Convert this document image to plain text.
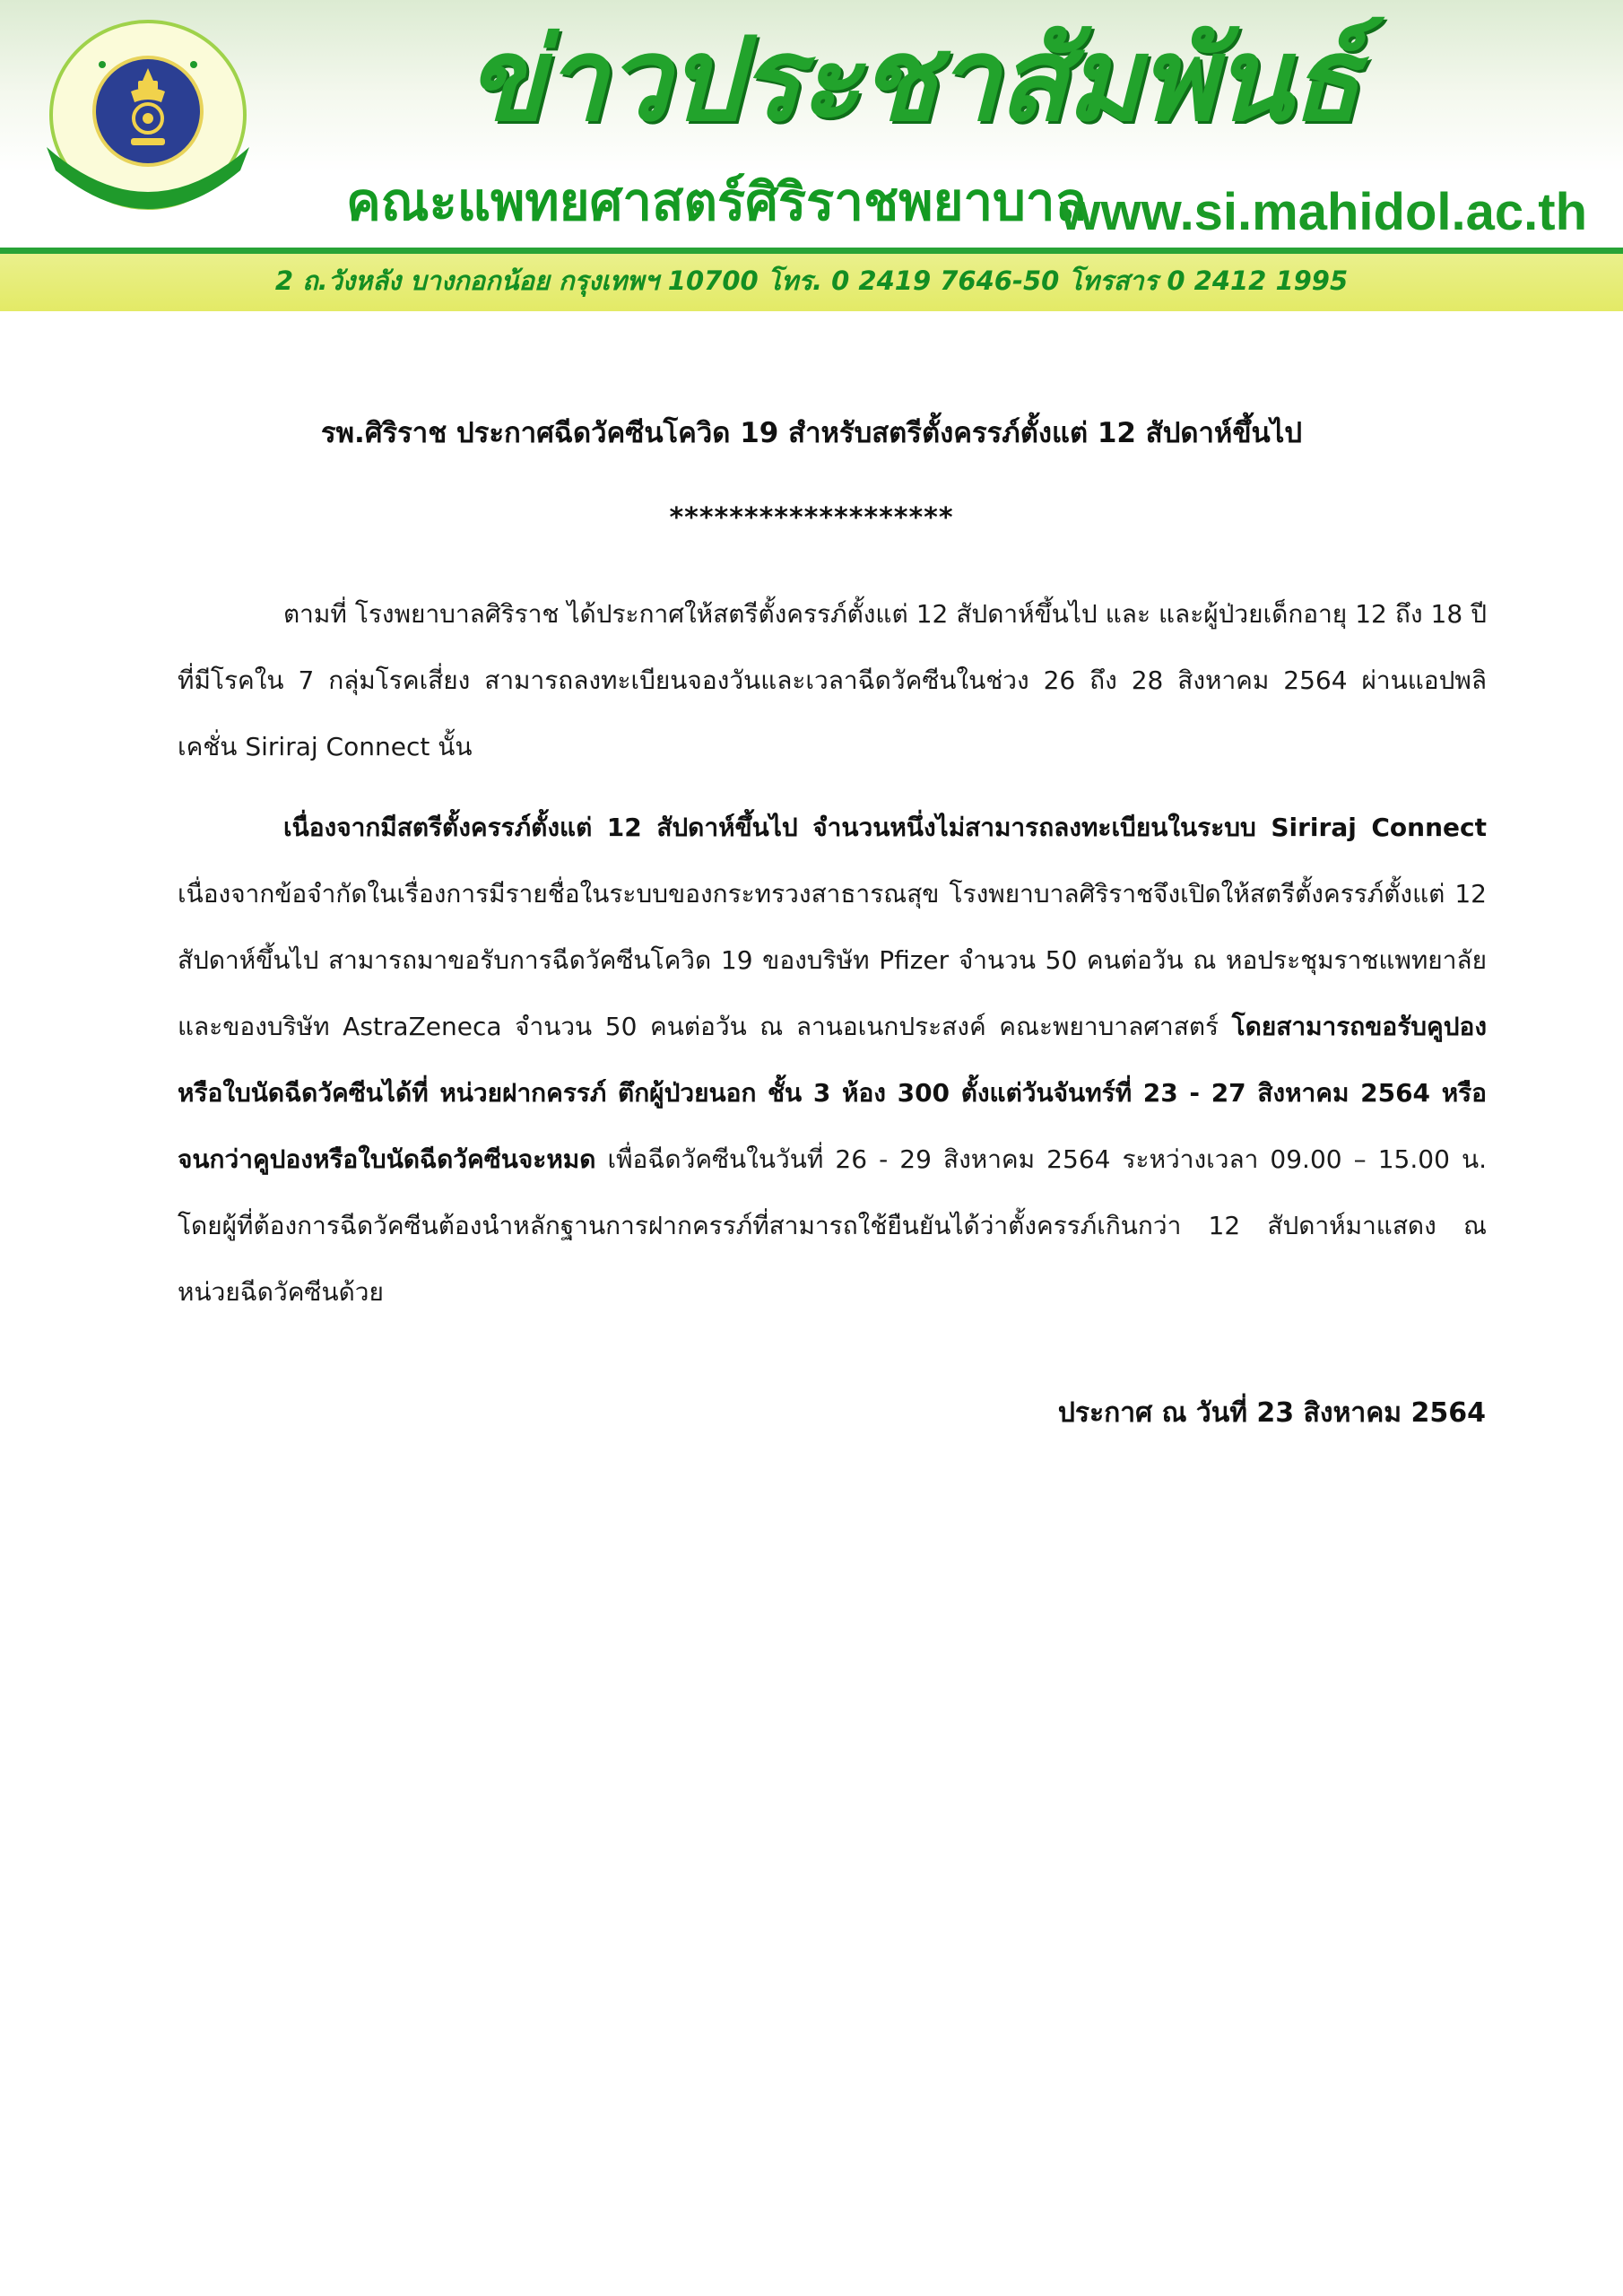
ข่าวประชาสัมพันธ์
คณะแพทยศาสตร์ศิริราชพยาบาล
www.si.mahidol.ac.th
2 ถ.วังหลัง บางกอกน้อย กรุงเทพฯ 10700 โทร. 0 2419 7646-50 โทรสาร 0 2412 1995
รพ.ศิริราช ประกาศฉีดวัคซีนโควิด 19 สำหรับสตรีตั้งครรภ์ตั้งแต่ 12 สัปดาห์ขึ้นไป
*******************

ตามที่ โรงพยาบาลศิริราช ได้ประกาศให้สตรีตั้งครรภ์ตั้งแต่ 12 สัปดาห์ขึ้นไป และ และผู้ป่วยเด็กอายุ 12 ถึง 18 ปีที่มีโรคใน 7 กลุ่มโรคเสี่ยง สามารถลงทะเบียนจองวันและเวลาฉีดวัคซีนในช่วง 26 ถึง 28 สิงหาคม 2564 ผ่านแอปพลิเคชั่น Siriraj Connect นั้น

เนื่องจากมีสตรีตั้งครรภ์ตั้งแต่ 12 สัปดาห์ขึ้นไป จำนวนหนึ่งไม่สามารถลงทะเบียนในระบบ Siriraj Connect เนื่องจากข้อจำกัดในเรื่องการมีรายชื่อในระบบของกระทรวงสาธารณสุข โรงพยาบาลศิริราชจึงเปิดให้สตรีตั้งครรภ์ตั้งแต่ 12 สัปดาห์ขึ้นไป สามารถมาขอรับการฉีดวัคซีนโควิด 19 ของบริษัท Pfizer จำนวน 50 คนต่อวัน ณ หอประชุมราชแพทยาลัย และของบริษัท AstraZeneca จำนวน 50 คนต่อวัน ณ ลานอเนกประสงค์ คณะพยาบาลศาสตร์ โดยสามารถขอรับคูปองหรือใบนัดฉีดวัคซีนได้ที่ หน่วยฝากครรภ์ ตึกผู้ป่วยนอก ชั้น 3 ห้อง 300 ตั้งแต่วันจันทร์ที่ 23 - 27 สิงหาคม 2564 หรือจนกว่าคูปองหรือใบนัดฉีดวัคซีนจะหมด เพื่อฉีดวัคซีนในวันที่ 26 - 29 สิงหาคม 2564 ระหว่างเวลา 09.00 – 15.00 น. โดยผู้ที่ต้องการฉีดวัคซีนต้องนำหลักฐานการฝากครรภ์ที่สามารถใช้ยืนยันได้ว่าตั้งครรภ์เกินกว่า 12 สัปดาห์มาแสดง ณ หน่วยฉีดวัคซีนด้วย

ประกาศ ณ วันที่ 23 สิงหาคม 2564
